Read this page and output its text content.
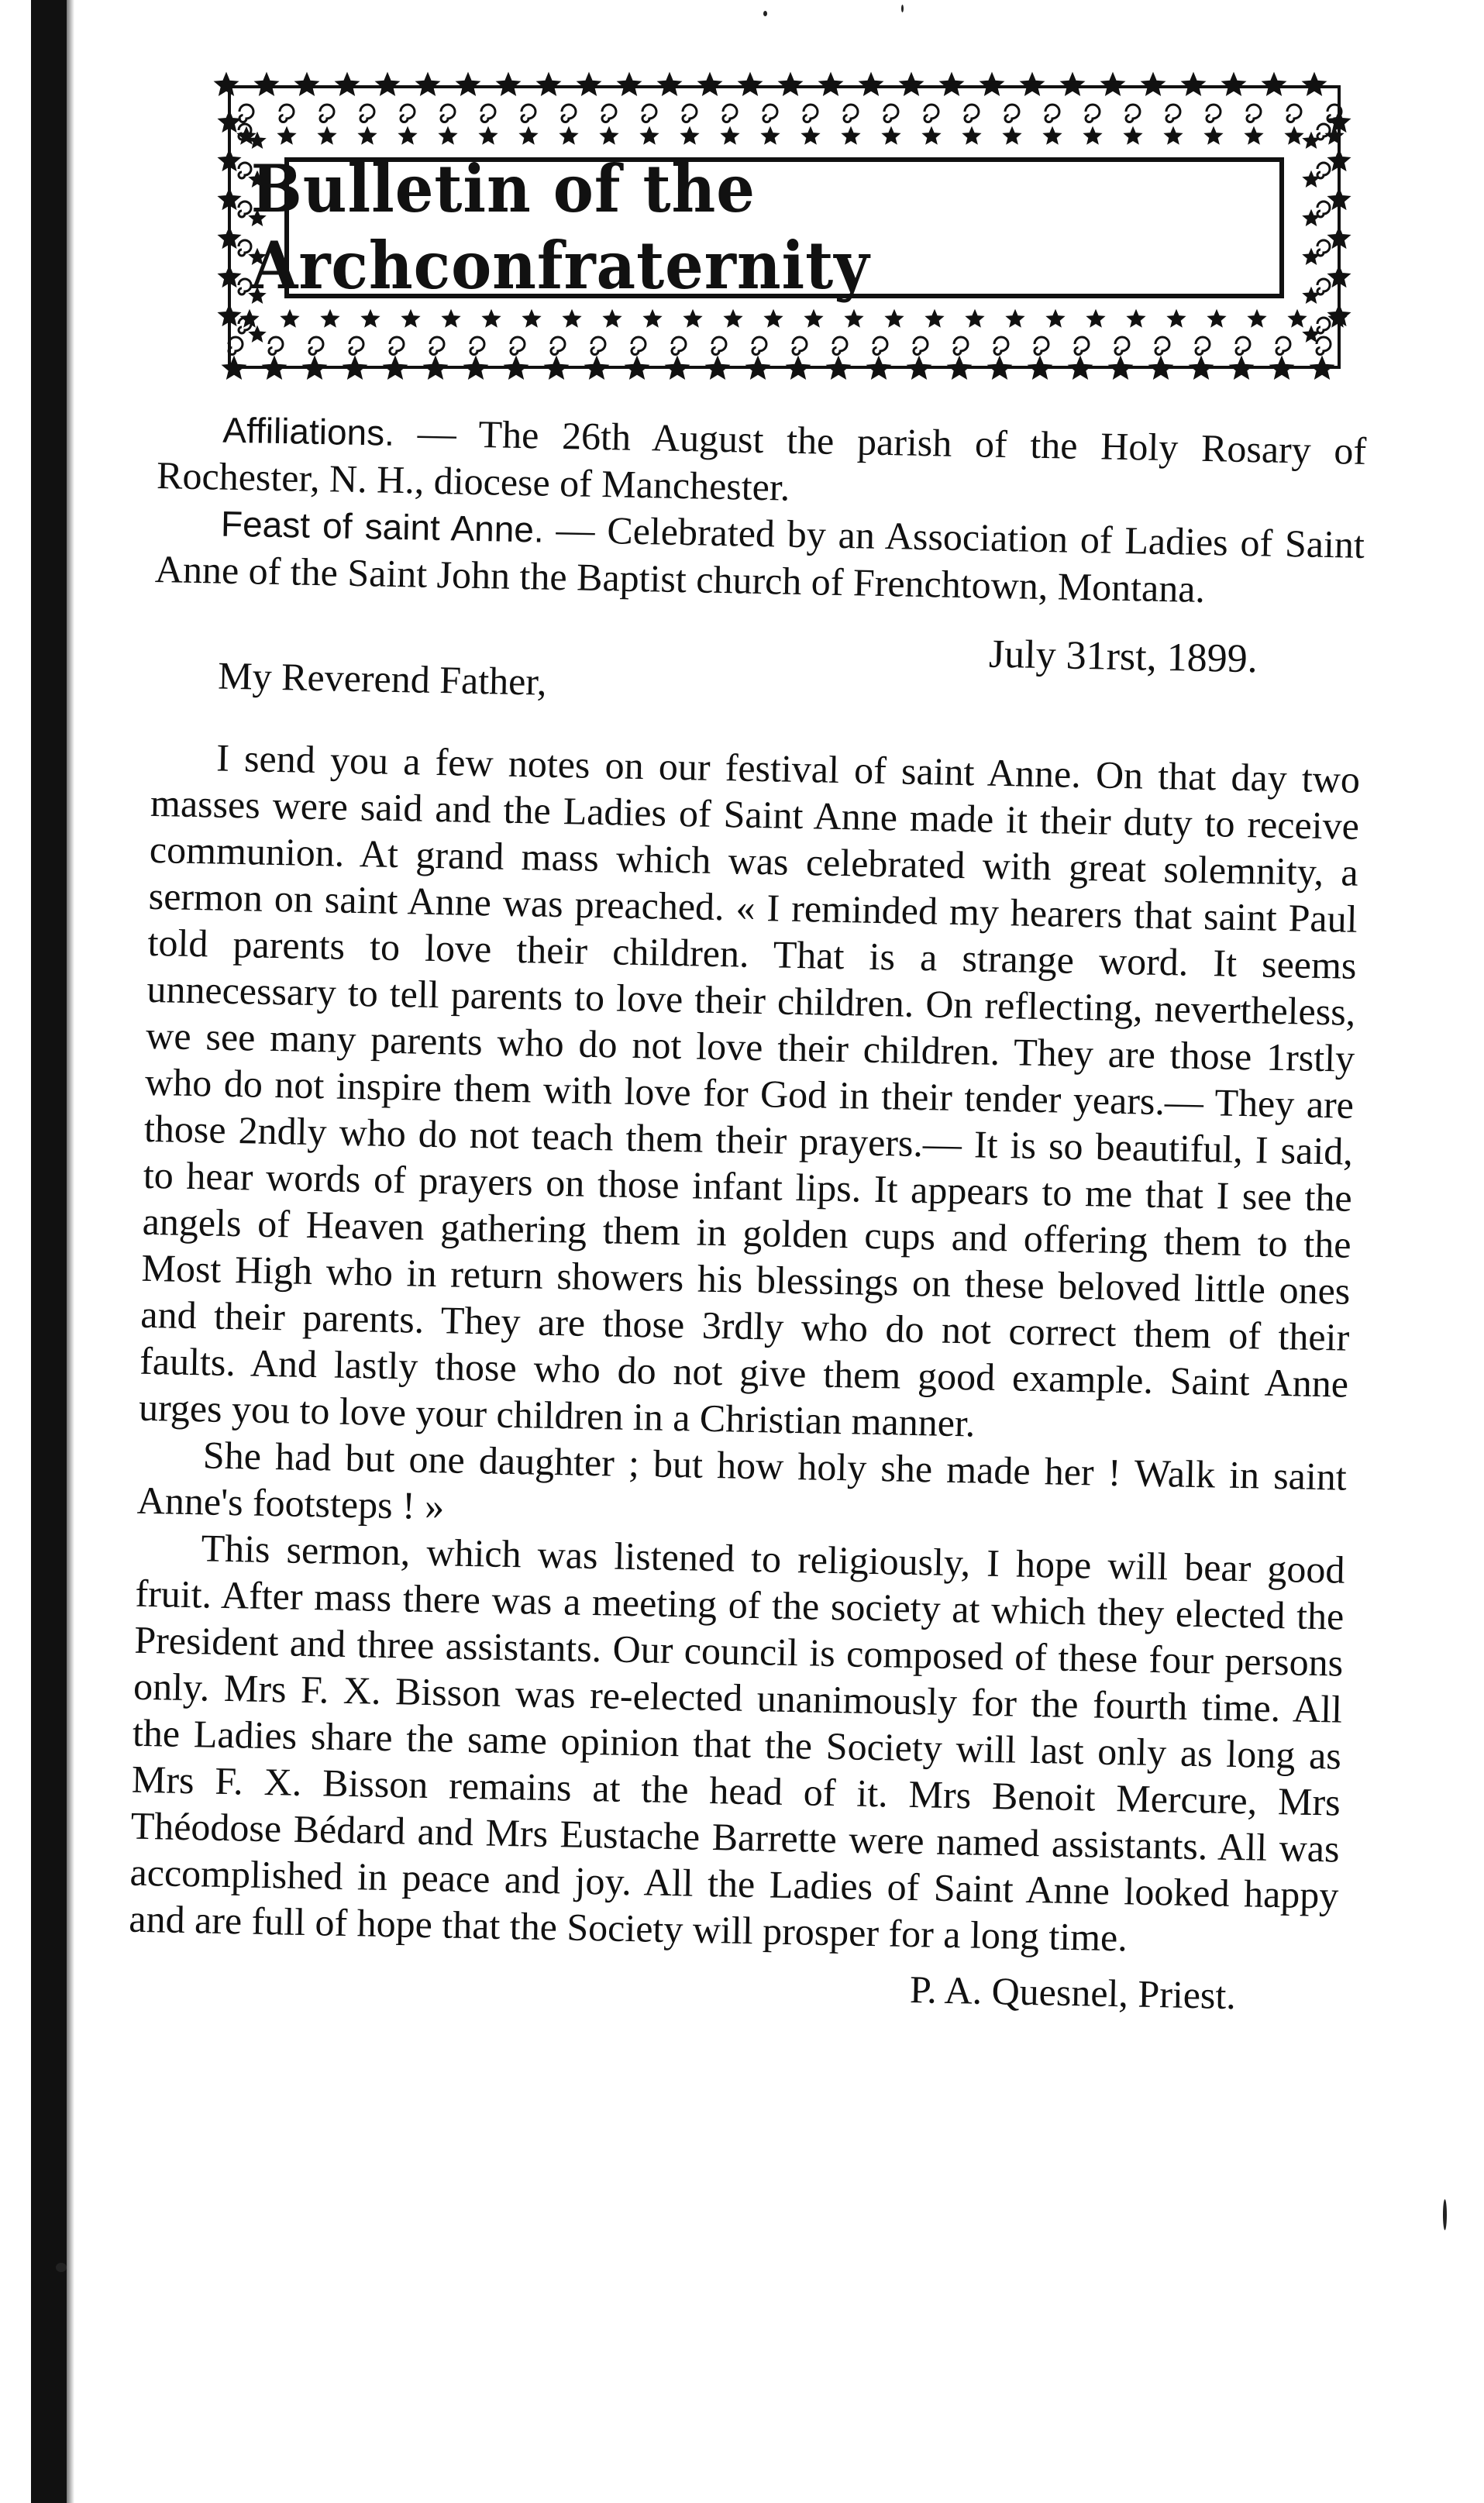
Bulletin of the Archconfraternity

Affiliations. — The 26th August the parish of the Holy Rosary of Rochester, N. H., diocese of Manchester.

Feast of saint Anne. — Celebrated by an Association of Ladies of Saint Anne of the Saint John the Baptist church of Frenchtown, Montana.

My Reverend Father,	July 31rst, 1899.

I send you a few notes on our festival of saint Anne. On that day two masses were said and the Ladies of Saint Anne made it their duty to receive communion. At grand mass which was celebrated with great solemnity, a sermon on saint Anne was preached. « I reminded my hearers that saint Paul told parents to love their children. That is a strange word. It seems unnecessary to tell parents to love their children. On reflecting, nevertheless, we see many parents who do not love their children. They are those 1rstly who do not inspire them with love for God in their tender years.— They are those 2ndly who do not teach them their prayers.— It is so beautiful, I said, to hear words of prayers on those infant lips. It appears to me that I see the angels of Heaven gathering them in golden cups and offering them to the Most High who in return showers his blessings on these beloved little ones and their parents. They are those 3rdly who do not correct them of their faults. And lastly those who do not give them good example. Saint Anne urges you to love your children in a Christian manner.

She had but one daughter ; but how holy she made her ! Walk in saint Anne's footsteps ! »

This sermon, which was listened to religiously, I hope will bear good fruit. After mass there was a meeting of the society at which they elected the President and three assistants. Our council is composed of these four persons only. Mrs F. X. Bisson was re-elected unanimously for the fourth time. All the Ladies share the same opinion that the Society will last only as long as Mrs F. X. Bisson remains at the head of it. Mrs Benoit Mercure, Mrs Théodose Bédard and Mrs Eustache Barrette were named assistants. All was accomplished in peace and joy. All the Ladies of Saint Anne looked happy and are full of hope that the Society will prosper for a long time.

P. A. Quesnel, Priest.
